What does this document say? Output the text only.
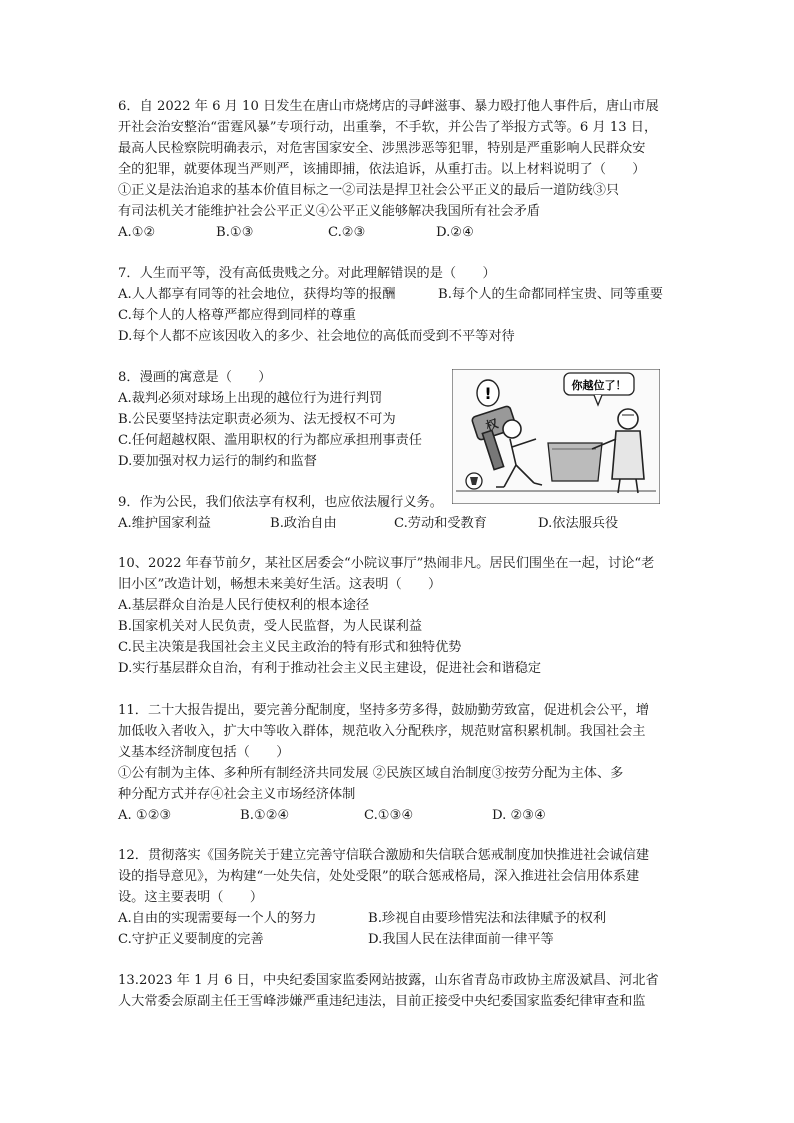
6．自 2022 年 6 月 10 日发生在唐山市烧烤店的寻衅滋事、暴力殴打他人事件后，唐山市展
开社会治安整治“雷霆风暴”专项行动，出重拳，不手软，并公告了举报方式等。6 月 13 日，
最高人民检察院明确表示，对危害国家安全、涉黑涉恶等犯罪，特别是严重影响人民群众安
全的犯罪，就要体现当严则严，该捕即捕，依法追诉，从重打击。以上材料说明了（　　）
①正义是法治追求的基本价值目标之一②司法是捍卫社会公平正义的最后一道防线③只
有司法机关才能维护社会公平正义④公平正义能够解决我国所有社会矛盾
A.①②	B.①③	C.②③	D.②④
7．人生而平等，没有高低贵贱之分。对此理解错误的是（　　）
A.人人都享有同等的社会地位，获得均等的报酬	B.每个人的生命都同样宝贵、同等重要
C.每个人的人格尊严都应得到同样的尊重
D.每个人都不应该因收入的多少、社会地位的高低而受到不平等对待
8．漫画的寓意是（　　）
A.裁判必须对球场上出现的越位行为进行判罚
B.公民要坚持法定职责必须为、法无授权不可为
C.任何超越权限、滥用职权的行为都应承担刑事责任
D.要加强对权力运行的制约和监督
!	你越位了！
权
9．作为公民，我们依法享有权利，也应依法履行义务。
A.维护国家利益	B.政治自由	C.劳动和受教育	D.依法服兵役
10、2022 年春节前夕，某社区居委会“小院议事厅”热闹非凡。居民们围坐在一起，讨论“老
旧小区”改造计划，畅想未来美好生活。这表明（　　）
A.基层群众自治是人民行使权利的根本途径
B.国家机关对人民负责，受人民监督，为人民谋利益
C.民主决策是我国社会主义民主政治的特有形式和独特优势
D.实行基层群众自治，有利于推动社会主义民主建设，促进社会和谐稳定
11．二十大报告提出，要完善分配制度，坚持多劳多得，鼓励勤劳致富，促进机会公平，增
加低收入者收入，扩大中等收入群体，规范收入分配秩序，规范财富积累机制。我国社会主
义基本经济制度包括（　　）
①公有制为主体、多种所有制经济共同发展 ②民族区域自治制度③按劳分配为主体、多
种分配方式并存④社会主义市场经济体制
A. ①②③	B.①②④	C.①③④	D. ②③④
12．贯彻落实《国务院关于建立完善守信联合激励和失信联合惩戒制度加快推进社会诚信建
设的指导意见》，为构建“一处失信，处处受限”的联合惩戒格局，深入推进社会信用体系建
设。这主要表明（　　）
A.自由的实现需要每一个人的努力	B.珍视自由要珍惜宪法和法律赋予的权利
C.守护正义要制度的完善	D.我国人民在法律面前一律平等
13.2023 年 1 月 6 日，中央纪委国家监委网站披露，山东省青岛市政协主席汲斌昌、河北省
人大常委会原副主任王雪峰涉嫌严重违纪违法，目前正接受中央纪委国家监委纪律审查和监
